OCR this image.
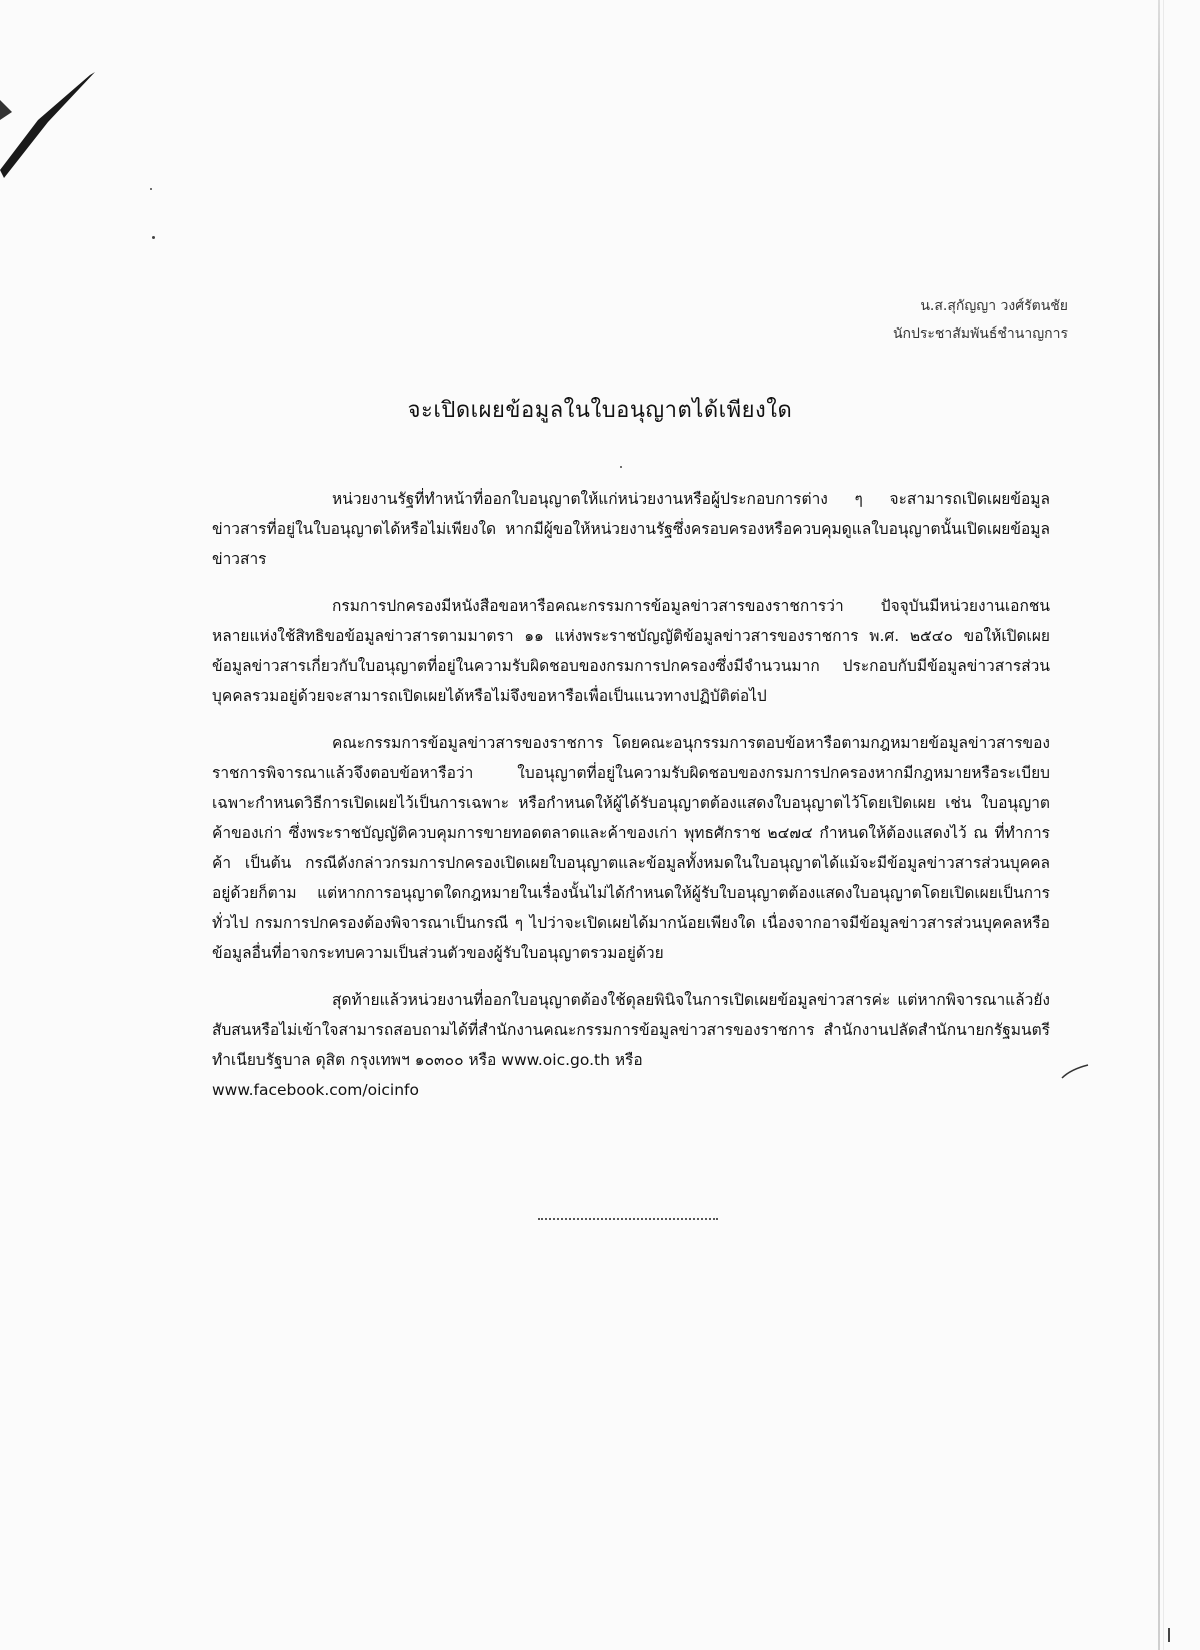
น.ส.สุกัญญา วงศ์รัตนชัย
นักประชาสัมพันธ์ชำนาญการ
จะเปิดเผยข้อมูลในใบอนุญาตได้เพียงใด

หน่วยงานรัฐที่ทำหน้าที่ออกใบอนุญาตให้แก่หน่วยงานหรือผู้ประกอบการต่าง ๆ จะสามารถเปิดเผยข้อมูลข่าวสารที่อยู่ในใบอนุญาตได้หรือไม่เพียงใด หากมีผู้ขอให้หน่วยงานรัฐซึ่งครอบครองหรือควบคุมดูแลใบอนุญาตนั้นเปิดเผยข้อมูลข่าวสาร

กรมการปกครองมีหนังสือขอหารือคณะกรรมการข้อมูลข่าวสารของราชการว่า ปัจจุบันมีหน่วยงานเอกชนหลายแห่งใช้สิทธิขอข้อมูลข่าวสารตามมาตรา ๑๑ แห่งพระราชบัญญัติข้อมูลข่าวสารของราชการ พ.ศ. ๒๕๔๐ ขอให้เปิดเผยข้อมูลข่าวสารเกี่ยวกับใบอนุญาตที่อยู่ในความรับผิดชอบของกรมการปกครองซึ่งมีจำนวนมาก ประกอบกับมีข้อมูลข่าวสารส่วนบุคคลรวมอยู่ด้วยจะสามารถเปิดเผยได้หรือไม่จึงขอหารือเพื่อเป็นแนวทางปฏิบัติต่อไป

คณะกรรมการข้อมูลข่าวสารของราชการ โดยคณะอนุกรรมการตอบข้อหารือตามกฎหมายข้อมูลข่าวสารของราชการพิจารณาแล้วจึงตอบข้อหารือว่า ใบอนุญาตที่อยู่ในความรับผิดชอบของกรมการปกครองหากมีกฎหมายหรือระเบียบเฉพาะกำหนดวิธีการเปิดเผยไว้เป็นการเฉพาะ หรือกำหนดให้ผู้ได้รับอนุญาตต้องแสดงใบอนุญาตไว้โดยเปิดเผย เช่น ใบอนุญาตค้าของเก่า ซึ่งพระราชบัญญัติควบคุมการขายทอดตลาดและค้าของเก่า พุทธศักราช ๒๔๗๔ กำหนดให้ต้องแสดงไว้ ณ ที่ทำการค้า เป็นต้น กรณีดังกล่าวกรมการปกครองเปิดเผยใบอนุญาตและข้อมูลทั้งหมดในใบอนุญาตได้แม้จะมีข้อมูลข่าวสารส่วนบุคคลอยู่ด้วยก็ตาม แต่หากการอนุญาตใดกฎหมายในเรื่องนั้นไม่ได้กำหนดให้ผู้รับใบอนุญาตต้องแสดงใบอนุญาตโดยเปิดเผยเป็นการทั่วไป กรมการปกครองต้องพิจารณาเป็นกรณี ๆ ไปว่าจะเปิดเผยได้มากน้อยเพียงใด เนื่องจากอาจมีข้อมูลข่าวสารส่วนบุคคลหรือข้อมูลอื่นที่อาจกระทบความเป็นส่วนตัวของผู้รับใบอนุญาตรวมอยู่ด้วย

สุดท้ายแล้วหน่วยงานที่ออกใบอนุญาตต้องใช้ดุลยพินิจในการเปิดเผยข้อมูลข่าวสารค่ะ แต่หากพิจารณาแล้วยังสับสนหรือไม่เข้าใจสามารถสอบถามได้ที่สำนักงานคณะกรรมการข้อมูลข่าวสารของราชการ สำนักงานปลัดสำนักนายกรัฐมนตรี ทำเนียบรัฐบาล ดุสิต กรุงเทพฯ ๑๐๓๐๐ หรือ www.oic.go.th หรือ
www.facebook.com/oicinfo
